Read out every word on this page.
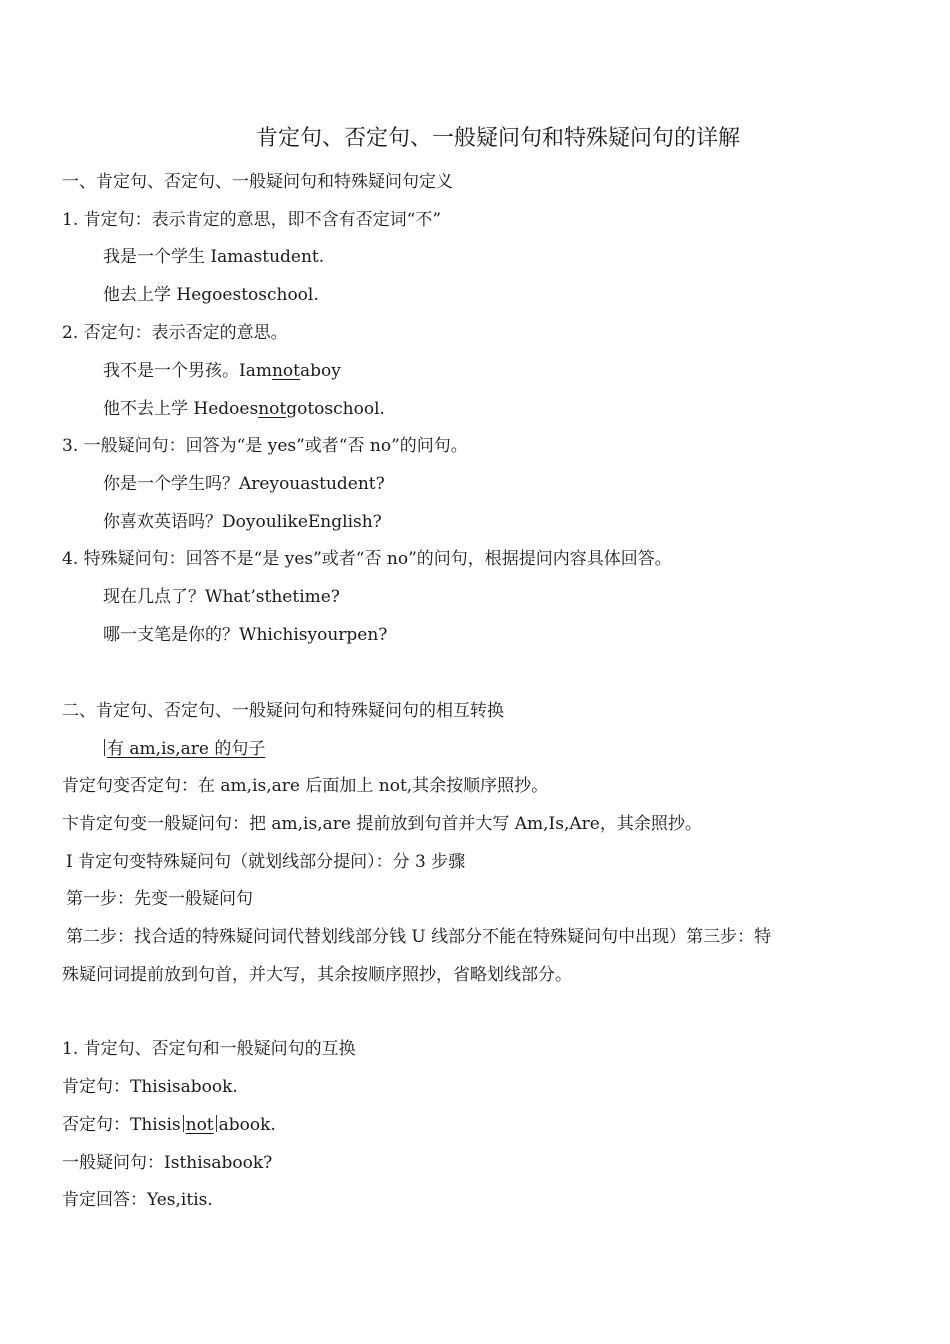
肯定句、否定句、一般疑问句和特殊疑问句的详解
一、肯定句、否定句、一般疑问句和特殊疑问句定义
1. 肯定句：表示肯定的意思，即不含有否定词“不”
我是一个学生 Iamastudent.
他去上学 Hegoestoschool.
2. 否定句：表示否定的意思。
我不是一个男孩。Iamnotaboy
他不去上学 Hedoesnotgotoschool.
3. 一般疑问句：回答为“是 yes”或者“否 no”的问句。
你是一个学生吗？Areyouastudent?
你喜欢英语吗？DoyoulikeEnglish?
4. 特殊疑问句：回答不是“是 yes”或者“否 no”的问句，根据提问内容具体回答。
现在几点了？What’sthetime?
哪一支笔是你的？Whichisyourpen?
二、肯定句、否定句、一般疑问句和特殊疑问句的相互转换
有 am,is,are 的句子
肯定句变否定句：在 am,is,are 后面加上 not,其余按顺序照抄。
卞肯定句变一般疑问句：把 am,is,are 提前放到句首并大写 Am,Is,Are，其余照抄。
I 肯定句变特殊疑问句（就划线部分提问）：分 3 步骤
第一步：先变一般疑问句
第二步：找合适的特殊疑问词代替划线部分钱 U 线部分不能在特殊疑问句中出现）第三步：特
殊疑问词提前放到句首，并大写，其余按顺序照抄，省略划线部分。
1. 肯定句、否定句和一般疑问句的互换
肯定句：Thisisabook.
否定句：Thisis not abook.
一般疑问句：Isthisabook?
肯定回答：Yes,itis.
